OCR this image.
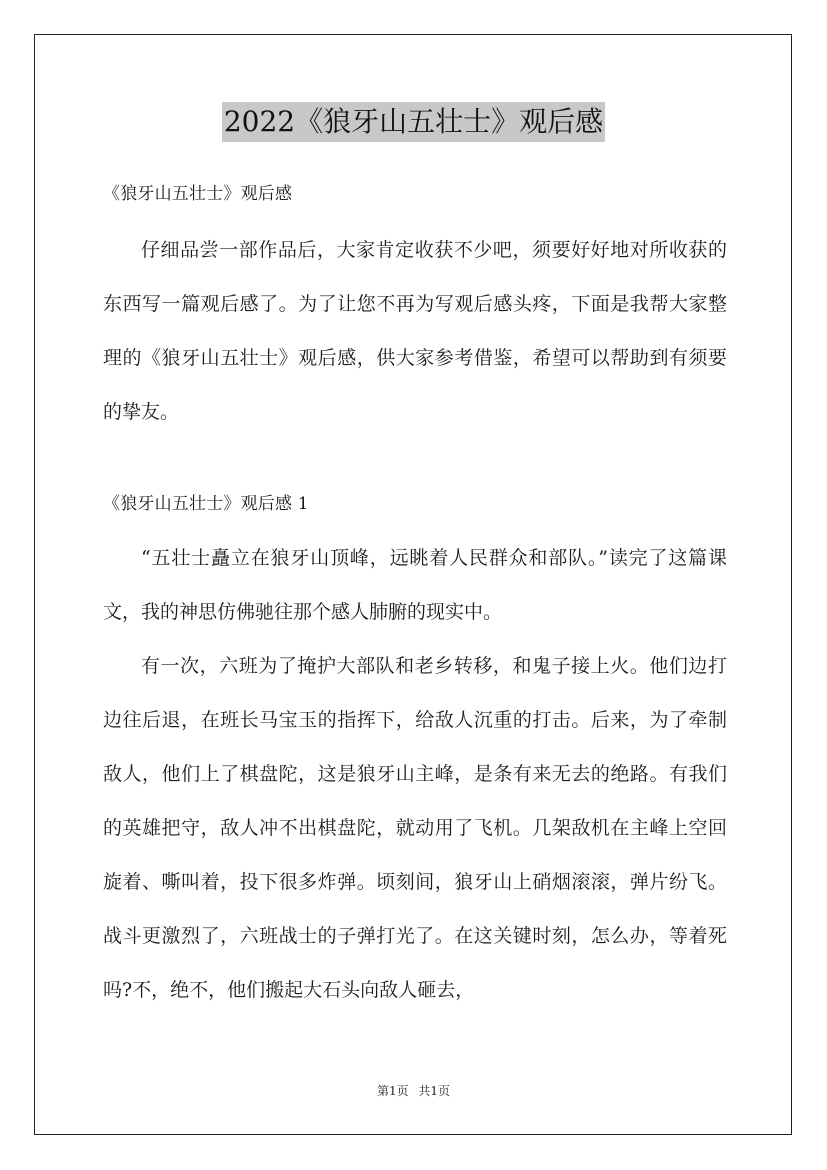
2022《狼牙山五壮士》观后感
《狼牙山五壮士》观后感
仔细品尝一部作品后，大家肯定收获不少吧，须要好好地对所收获的东西写一篇观后感了。为了让您不再为写观后感头疼，下面是我帮大家整理的《狼牙山五壮士》观后感，供大家参考借鉴，希望可以帮助到有须要的挚友。
《狼牙山五壮士》观后感 1
“五壮士矗立在狼牙山顶峰，远眺着人民群众和部队。”读完了这篇课文，我的神思仿佛驰往那个感人肺腑的现实中。
有一次，六班为了掩护大部队和老乡转移，和鬼子接上火。他们边打边往后退，在班长马宝玉的指挥下，给敌人沉重的打击。后来，为了牵制敌人，他们上了棋盘陀，这是狼牙山主峰，是条有来无去的绝路。有我们的英雄把守，敌人冲不出棋盘陀，就动用了飞机。几架敌机在主峰上空回旋着、嘶叫着，投下很多炸弹。顷刻间，狼牙山上硝烟滚滚，弹片纷飞。战斗更激烈了，六班战士的子弹打光了。在这关键时刻，怎么办，等着死吗?不，绝不，他们搬起大石头向敌人砸去，
第1页 共1页
